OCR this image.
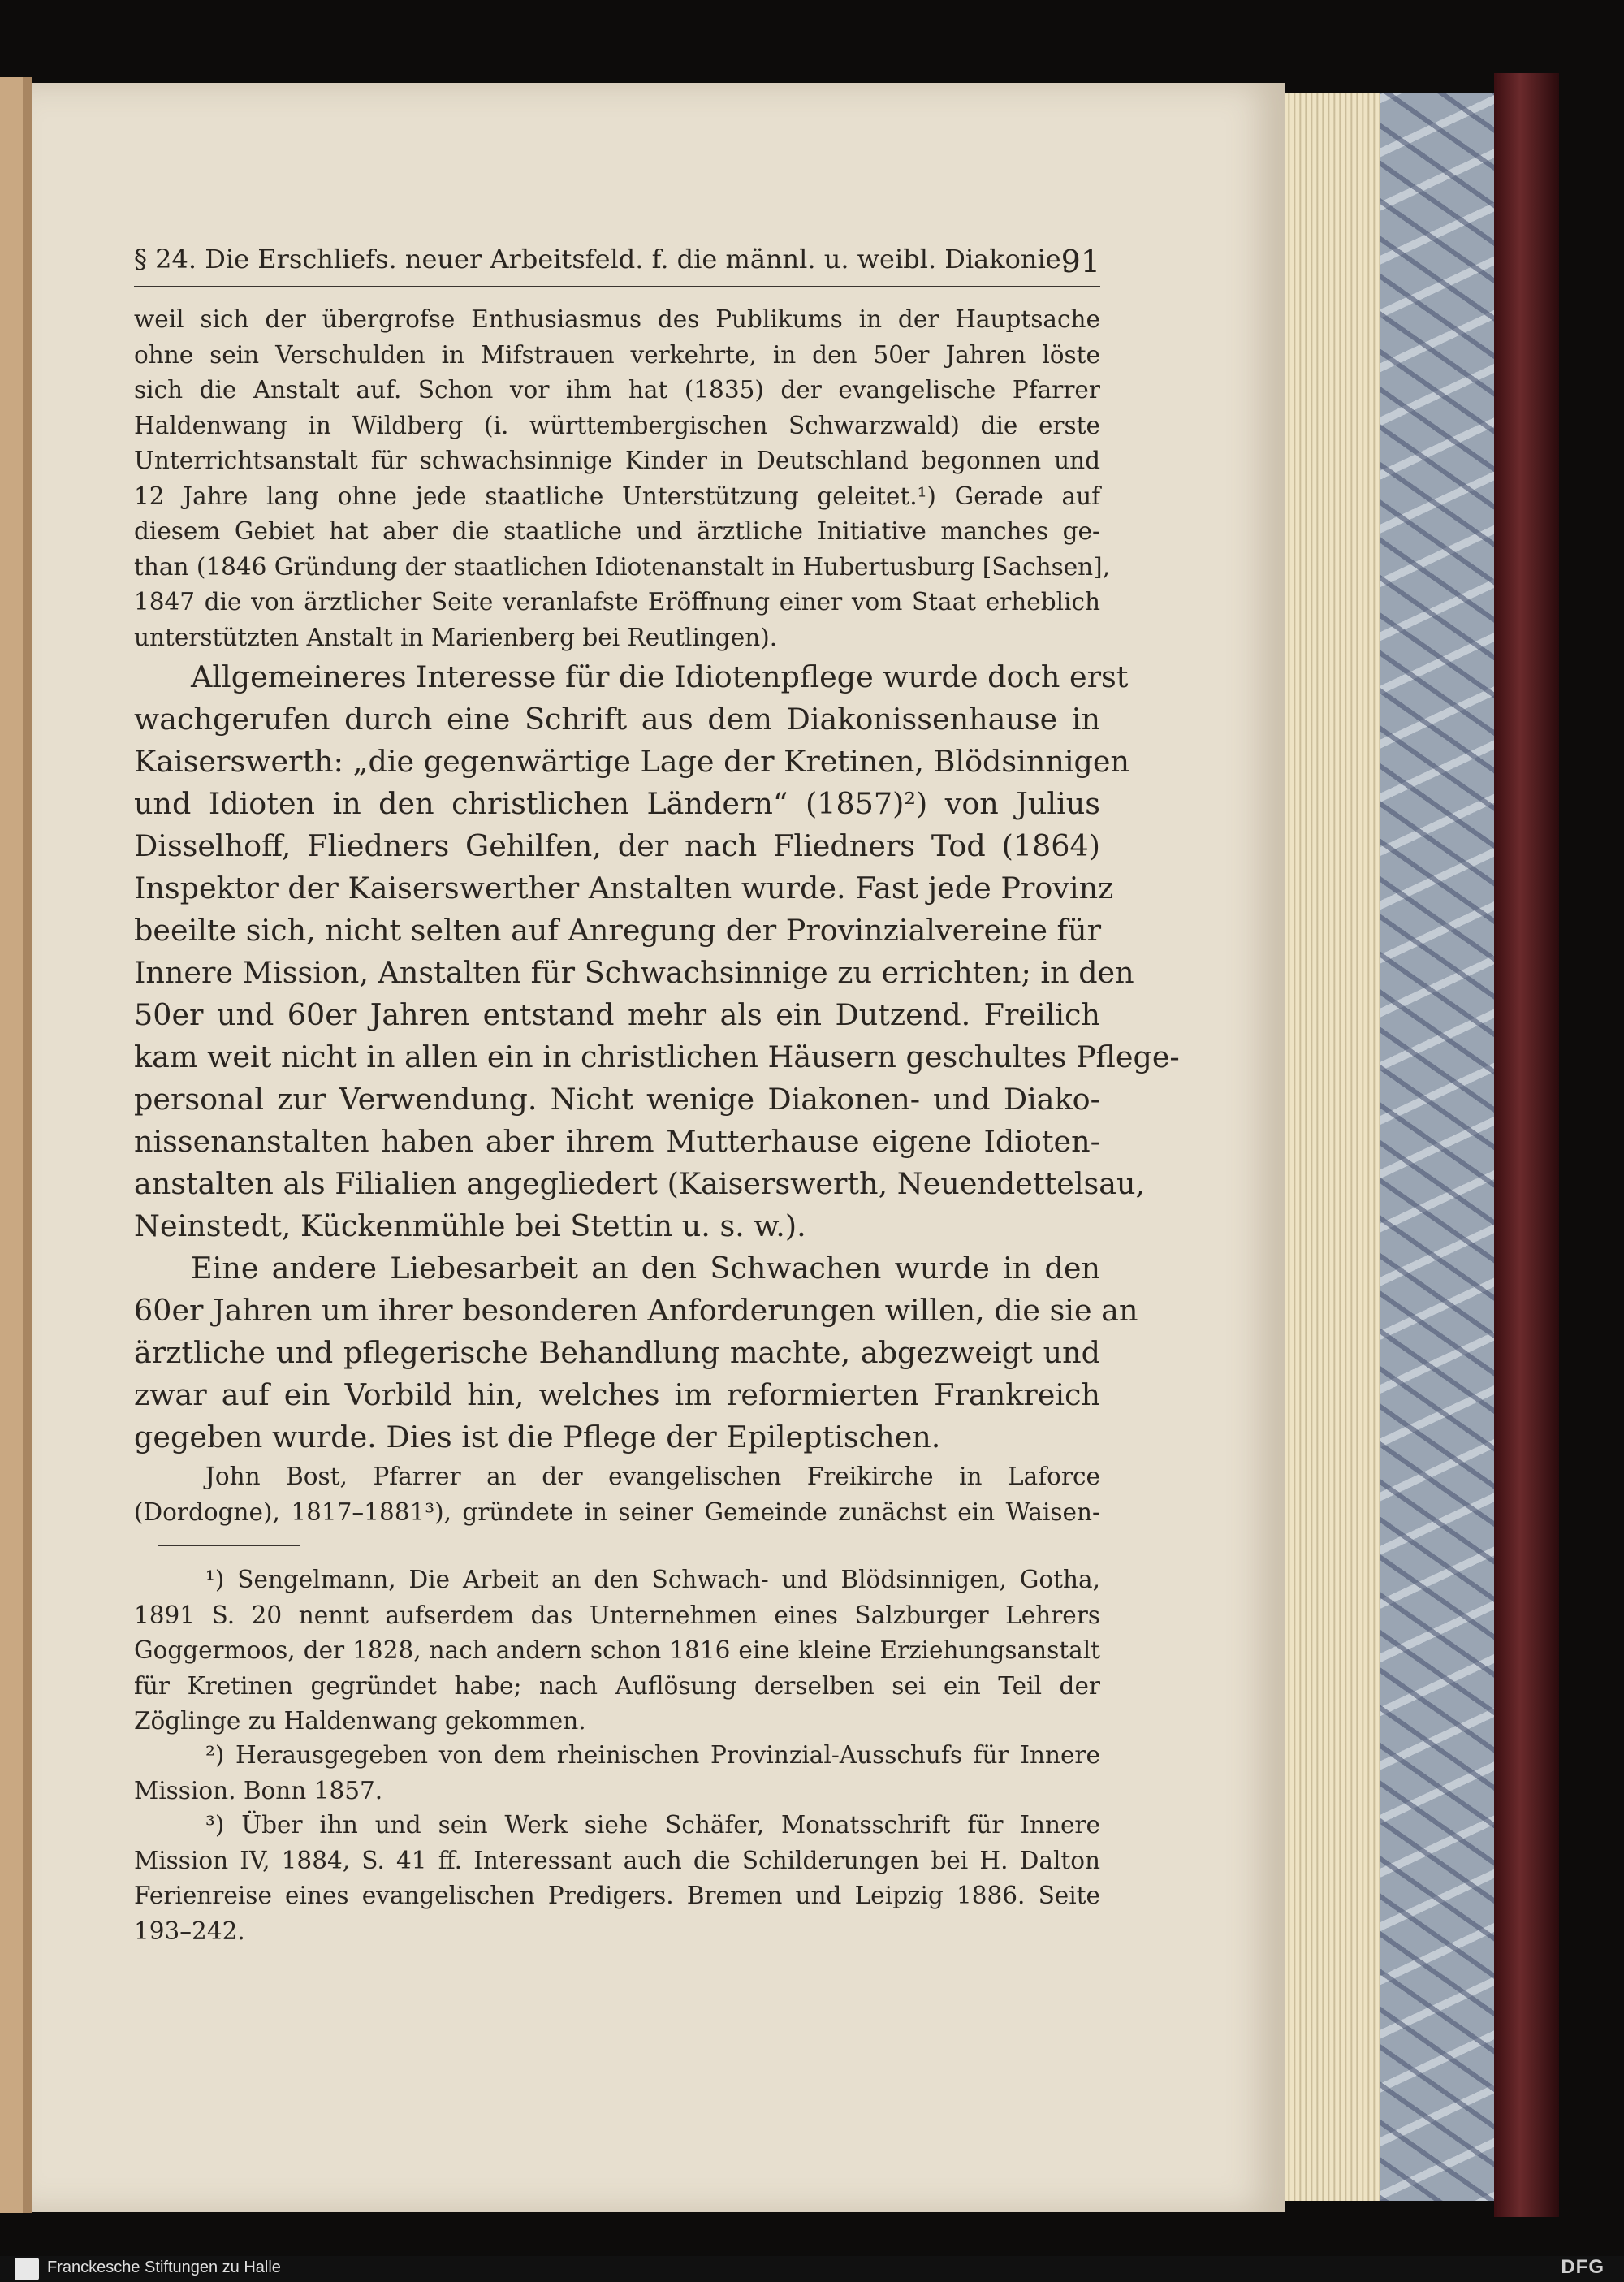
§ 24. Die Erschliefs. neuer Arbeitsfeld. f. die männl. u. weibl. Diakonie.
91
weil sich der übergrofse Enthusiasmus des Publikums in der Hauptsache
ohne sein Verschulden in Mifstrauen verkehrte, in den 50er Jahren löste
sich die Anstalt auf. Schon vor ihm hat (1835) der evangelische Pfarrer
Haldenwang in Wildberg (i. württembergischen Schwarzwald) die erste
Unterrichtsanstalt für schwachsinnige Kinder in Deutschland begonnen und
12 Jahre lang ohne jede staatliche Unterstützung geleitet.¹) Gerade auf
diesem Gebiet hat aber die staatliche und ärztliche Initiative manches ge-
than (1846 Gründung der staatlichen Idiotenanstalt in Hubertusburg [Sachsen],
1847 die von ärztlicher Seite veranlafste Eröffnung einer vom Staat erheblich
unterstützten Anstalt in Marienberg bei Reutlingen).
Allgemeineres Interesse für die Idiotenpflege wurde doch erst
wachgerufen durch eine Schrift aus dem Diakonissenhause in
Kaiserswerth: „die gegenwärtige Lage der Kretinen, Blödsinnigen
und Idioten in den christlichen Ländern“ (1857)²) von Julius
Disselhoff, Fliedners Gehilfen, der nach Fliedners Tod (1864)
Inspektor der Kaiserswerther Anstalten wurde. Fast jede Provinz
beeilte sich, nicht selten auf Anregung der Provinzialvereine für
Innere Mission, Anstalten für Schwachsinnige zu errichten; in den
50er und 60er Jahren entstand mehr als ein Dutzend. Freilich
kam weit nicht in allen ein in christlichen Häusern geschultes Pflege-
personal zur Verwendung. Nicht wenige Diakonen- und Diako-
nissenanstalten haben aber ihrem Mutterhause eigene Idioten-
anstalten als Filialien angegliedert (Kaiserswerth, Neuendettelsau,
Neinstedt, Kückenmühle bei Stettin u. s. w.).
Eine andere Liebesarbeit an den Schwachen wurde in den
60er Jahren um ihrer besonderen Anforderungen willen, die sie an
ärztliche und pflegerische Behandlung machte, abgezweigt und
zwar auf ein Vorbild hin, welches im reformierten Frankreich
gegeben wurde. Dies ist die Pflege der Epileptischen.
John Bost, Pfarrer an der evangelischen Freikirche in Laforce
(Dordogne), 1817–1881³), gründete in seiner Gemeinde zunächst ein Waisen-
¹) Sengelmann, Die Arbeit an den Schwach- und Blödsinnigen, Gotha,
1891 S. 20 nennt aufserdem das Unternehmen eines Salzburger Lehrers
Goggermoos, der 1828, nach andern schon 1816 eine kleine Erziehungsanstalt
für Kretinen gegründet habe; nach Auflösung derselben sei ein Teil der
Zöglinge zu Haldenwang gekommen.
²) Herausgegeben von dem rheinischen Provinzial-Ausschufs für Innere
Mission. Bonn 1857.
³) Über ihn und sein Werk siehe Schäfer, Monatsschrift für Innere
Mission IV, 1884, S. 41 ff. Interessant auch die Schilderungen bei H. Dalton
Ferienreise eines evangelischen Predigers. Bremen und Leipzig 1886. Seite
193–242.
Franckesche Stiftungen zu Halle	DFG
